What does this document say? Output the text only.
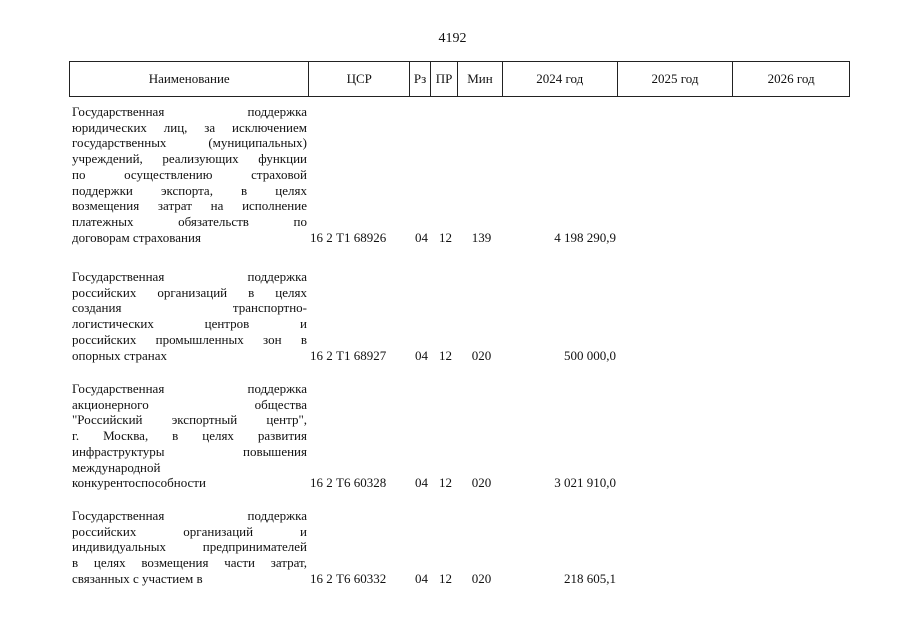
4192
Наименование	ЦСР	Рз ПР	Мин	2024 год	2025 год	2026 год
Государственная поддержка
юридических лиц, за исключением
государственных (муниципальных)
учреждений, реализующих функции
по осуществлению страховой
поддержки экспорта, в целях
возмещения затрат на исполнение
платежных обязательств по
договорам страхования	16 2 Т1 68926	04 12	139	4 198 290,9
Государственная поддержка
российских организаций в целях
создания транспортно-
логистических центров и
российских промышленных зон в
опорных странах	16 2 Т1 68927	04 12	020	500 000,0
Государственная поддержка
акционерного общества
"Российский экспортный центр",
г. Москва, в целях развития
инфраструктуры повышения
международной
конкурентоспособности	16 2 Т6 60328	04 12	020	3 021 910,0
Государственная поддержка
российских организаций и
индивидуальных предпринимателей
в целях возмещения части затрат,
связанных с участием в	16 2 Т6 60332	04 12	020	218 605,1
